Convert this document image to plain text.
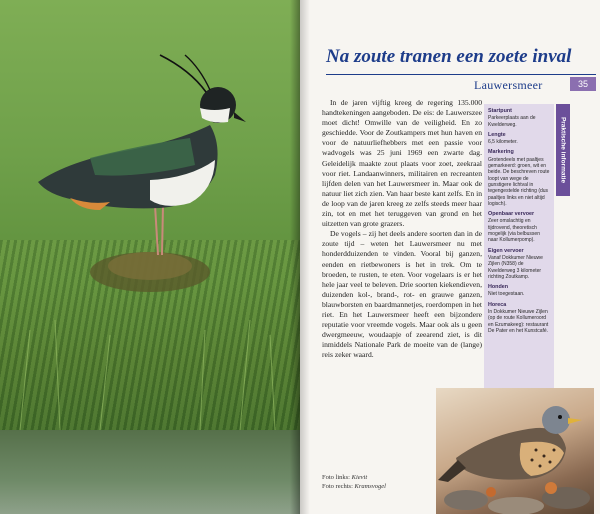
Na zoute tranen een zoete inval
Lauwersmeer	35

In de jaren vijftig kreeg de regering 135.000 handtekeningen aangeboden. De eis: de Lauwerszee moet dicht! Omwille van de veiligheid. En zo geschiedde. Voor de Zoutkampers met hun haven en voor de natuurliefhebbers met een passie voor wadvogels was 25 juni 1969 een zwarte dag. Geleidelijk maakte zout plaats voor zoet, zeekraal voor riet. Landaanwinners, militairen en recreanten lijfden delen van het Lauwersmeer in. Maar ook de natuur liet zich zien. Van haar beste kant zelfs. En in de loop van de jaren kreeg ze zelfs steeds meer haar zin, tot en met het teruggeven van grond en het uitzetten van grote grazers.

De vogels – zij het deels andere soorten dan in de zoute tijd – weten het Lauwersmeer nu met honderdduizenden te vinden. Vooral bij ganzen, eenden en rietbewoners is het in trek. Om te broeden, te rusten, te eten. Voor vogelaars is er het hele jaar veel te beleven. Drie soorten kiekendieven, duizenden kol-, brand-, rot- en grauwe ganzen, blauwborsten en baardmannetjes, roerdompen in het riet. En het Lauwersmeer heeft een bijzondere reputatie voor vreemde vogels. Maar ook als u geen dwergmeeuw, woudaapje of zeearend ziet, is dit inmiddels Nationale Park de moeite van de (lange) reis zeker waard.

Startpunt
Parkeerplaats aan de Kwelderweg.
Lengte
6,5 kilometer.
Markering
Grotendeels met paaltjes gemarkeerd: groen, wit en beide. De beschreven route loopt van wege de gunstigere lichtval in tegengestelde richting (dus paaltjes links en niet altijd logisch).
Openbaar vervoer
Zeer omslachtig en tijdrovend, theoretisch mogelijk (via belbussen naar Kollumerpomp).
Eigen vervoer
Vanaf Dokkumer Nieuwe Zijlen (N358) de Kwelderweg 3 kilometer richting Zoutkamp.
Honden
Niet toegestaan.
Horeca
In Dokkumer Nieuwe Zijlen (op de route Kollumeroord en Ezumakeeg): restaurant De Pater en het Kunstcafé.
Praktische informatie
Foto links: Kievit
Foto rechts: Kramsvogel
